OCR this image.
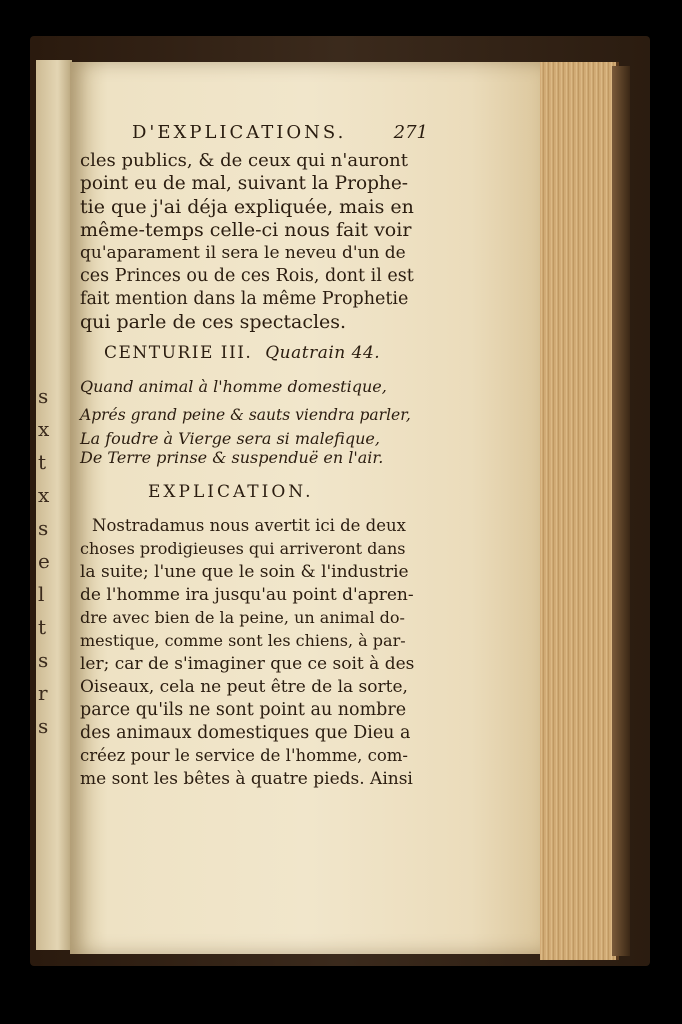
s
x
t
x
s
e
l
t
s
r
s
D'EXPLICATIONS.	271
cles publics, & de ceux qui n'auront
point eu de mal, suivant la Prophe-
tie que j'ai déja expliquée, mais en
même-temps celle-ci nous fait voir
qu'aparament il sera le neveu d'un de
ces Princes ou de ces Rois, dont il est
fait mention dans la même Prophetie
qui parle de ces spectacles.
CENTURIE III. Quatrain 44.
Quand animal à l'homme domestique,
Aprés grand peine & sauts viendra parler,
La foudre à Vierge sera si malefique,
De Terre prinse & suspenduë en l'air.
EXPLICATION.
Nostradamus nous avertit ici de deux
choses prodigieuses qui arriveront dans
la suite; l'une que le soin & l'industrie
de l'homme ira jusqu'au point d'apren-
dre avec bien de la peine, un animal do-
mestique, comme sont les chiens, à par-
ler; car de s'imaginer que ce soit à des
Oiseaux, cela ne peut être de la sorte,
parce qu'ils ne sont point au nombre
des animaux domestiques que Dieu a
créez pour le service de l'homme, com-
me sont les bêtes à quatre pieds. Ainsi
